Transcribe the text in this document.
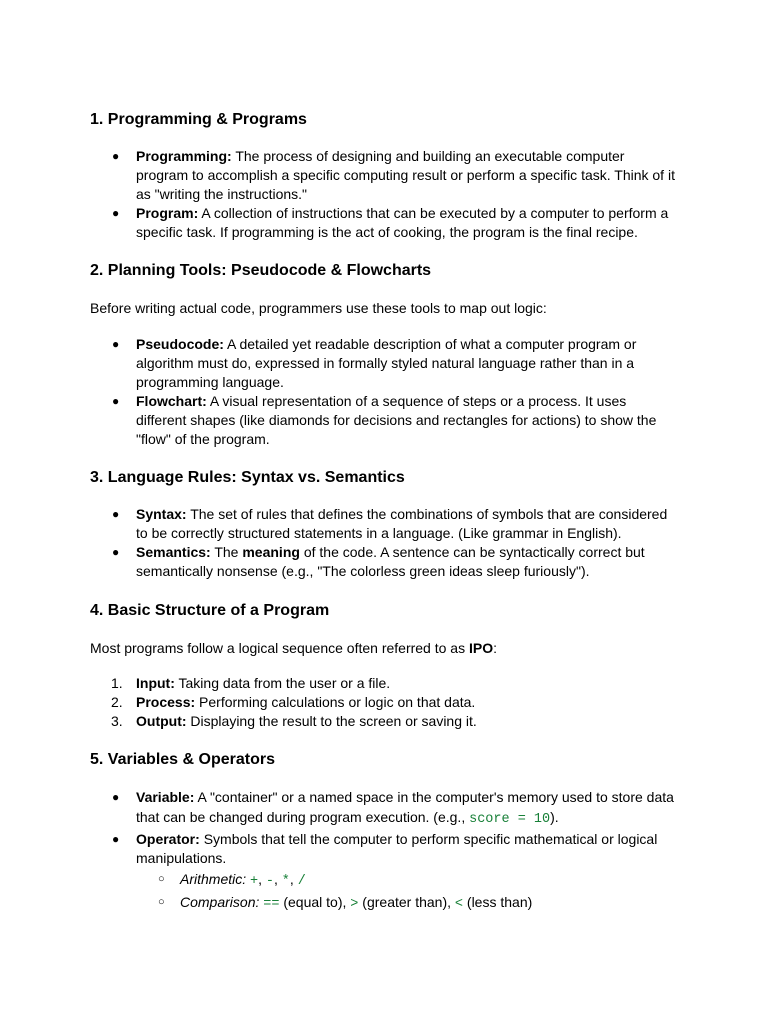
1. Programming & Programs
● Programming: The process of designing and building an executable computer program to accomplish a specific computing result or perform a specific task. Think of it as "writing the instructions."
● Program: A collection of instructions that can be executed by a computer to perform a specific task. If programming is the act of cooking, the program is the final recipe.
2. Planning Tools: Pseudocode & Flowcharts

Before writing actual code, programmers use these tools to map out logic:

● Pseudocode: A detailed yet readable description of what a computer program or algorithm must do, expressed in formally styled natural language rather than in a programming language.
● Flowchart: A visual representation of a sequence of steps or a process. It uses different shapes (like diamonds for decisions and rectangles for actions) to show the "flow" of the program.
3. Language Rules: Syntax vs. Semantics
● Syntax: The set of rules that defines the combinations of symbols that are considered to be correctly structured statements in a language. (Like grammar in English).
● Semantics: The meaning of the code. A sentence can be syntactically correct but semantically nonsense (e.g., "The colorless green ideas sleep furiously").
4. Basic Structure of a Program

Most programs follow a logical sequence often referred to as IPO:

1. Input: Taking data from the user or a file.
2. Process: Performing calculations or logic on that data.
3. Output: Displaying the result to the screen or saving it.
5. Variables & Operators
● Variable: A "container" or a named space in the computer's memory used to store data that can be changed during program execution. (e.g., score = 10).
● Operator: Symbols that tell the computer to perform specific mathematical or logical manipulations.
○ Arithmetic: +, -, *, /
○ Comparison: == (equal to), > (greater than), < (less than)
